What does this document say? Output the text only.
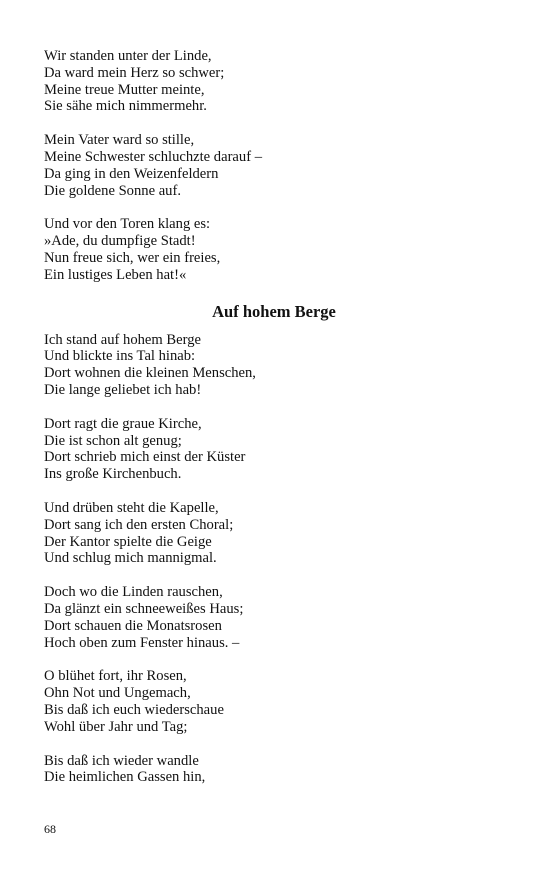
Wir standen unter der Linde,
Da ward mein Herz so schwer;
Meine treue Mutter meinte,
Sie sähe mich nimmermehr.
Mein Vater ward so stille,
Meine Schwester schluchzte darauf –
Da ging in den Weizenfeldern
Die goldene Sonne auf.
Und vor den Toren klang es:
»Ade, du dumpfige Stadt!
Nun freue sich, wer ein freies,
Ein lustiges Leben hat!«
Auf hohem Berge
Ich stand auf hohem Berge
Und blickte ins Tal hinab:
Dort wohnen die kleinen Menschen,
Die lange geliebet ich hab!
Dort ragt die graue Kirche,
Die ist schon alt genug;
Dort schrieb mich einst der Küster
Ins große Kirchenbuch.
Und drüben steht die Kapelle,
Dort sang ich den ersten Choral;
Der Kantor spielte die Geige
Und schlug mich mannigmal.
Doch wo die Linden rauschen,
Da glänzt ein schneeweißes Haus;
Dort schauen die Monatsrosen
Hoch oben zum Fenster hinaus. –
O blühet fort, ihr Rosen,
Ohn Not und Ungemach,
Bis daß ich euch wiederschaue
Wohl über Jahr und Tag;
Bis daß ich wieder wandle
Die heimlichen Gassen hin,
68
